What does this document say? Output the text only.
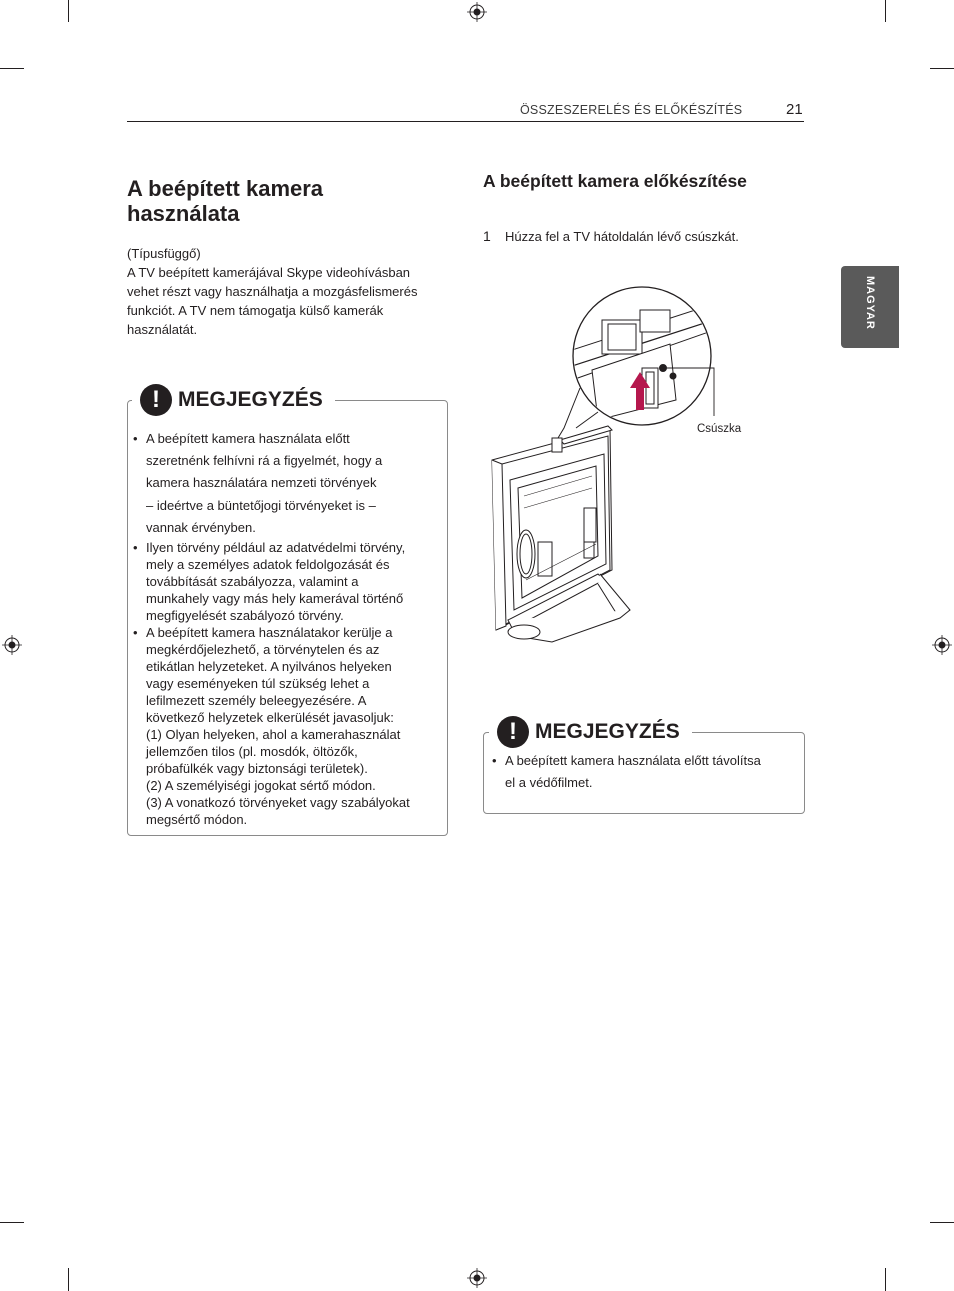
ÖSSZESZERELÉS ÉS ELŐKÉSZÍTÉS	21
MAGYAR
A beépített kamera
használata
(Típusfüggő)
A TV beépített kamerájával Skype videohívásban
vehet részt vagy használhatja a mozgásfelismerés
funkciót. A TV nem támogatja külső kamerák
használatát.
! MEGJEGYZÉS
• A beépített kamera használata előtt
szeretnénk felhívni rá a figyelmét, hogy a
kamera használatára nemzeti törvények
– ideértve a büntetőjogi törvényeket is –
vannak érvényben.
• Ilyen törvény például az adatvédelmi törvény,
mely a személyes adatok feldolgozását és
továbbítását szabályozza, valamint a
munkahely vagy más hely kamerával történő
megfigyelését szabályozó törvény.
• A beépített kamera használatakor kerülje a
megkérdőjelezhető, a törvénytelen és az
etikátlan helyzeteket. A nyilvános helyeken
vagy eseményeken túl szükség lehet a
lefilmezett személy beleegyezésére. A
következő helyzetek elkerülését javasoljuk:
(1) Olyan helyeken, ahol a kamerahasználat
jellemzően tilos (pl. mosdók, öltözők,
próbafülkék vagy biztonsági területek).
(2) A személyiségi jogokat sértő módon.
(3) A vonatkozó törvényeket vagy szabályokat
megsértő módon.
A beépített kamera előkészítése
1 Húzza fel a TV hátoldalán lévő csúszkát.
Csúszka
! MEGJEGYZÉS
• A beépített kamera használata előtt távolítsa
el a védőfilmet.
